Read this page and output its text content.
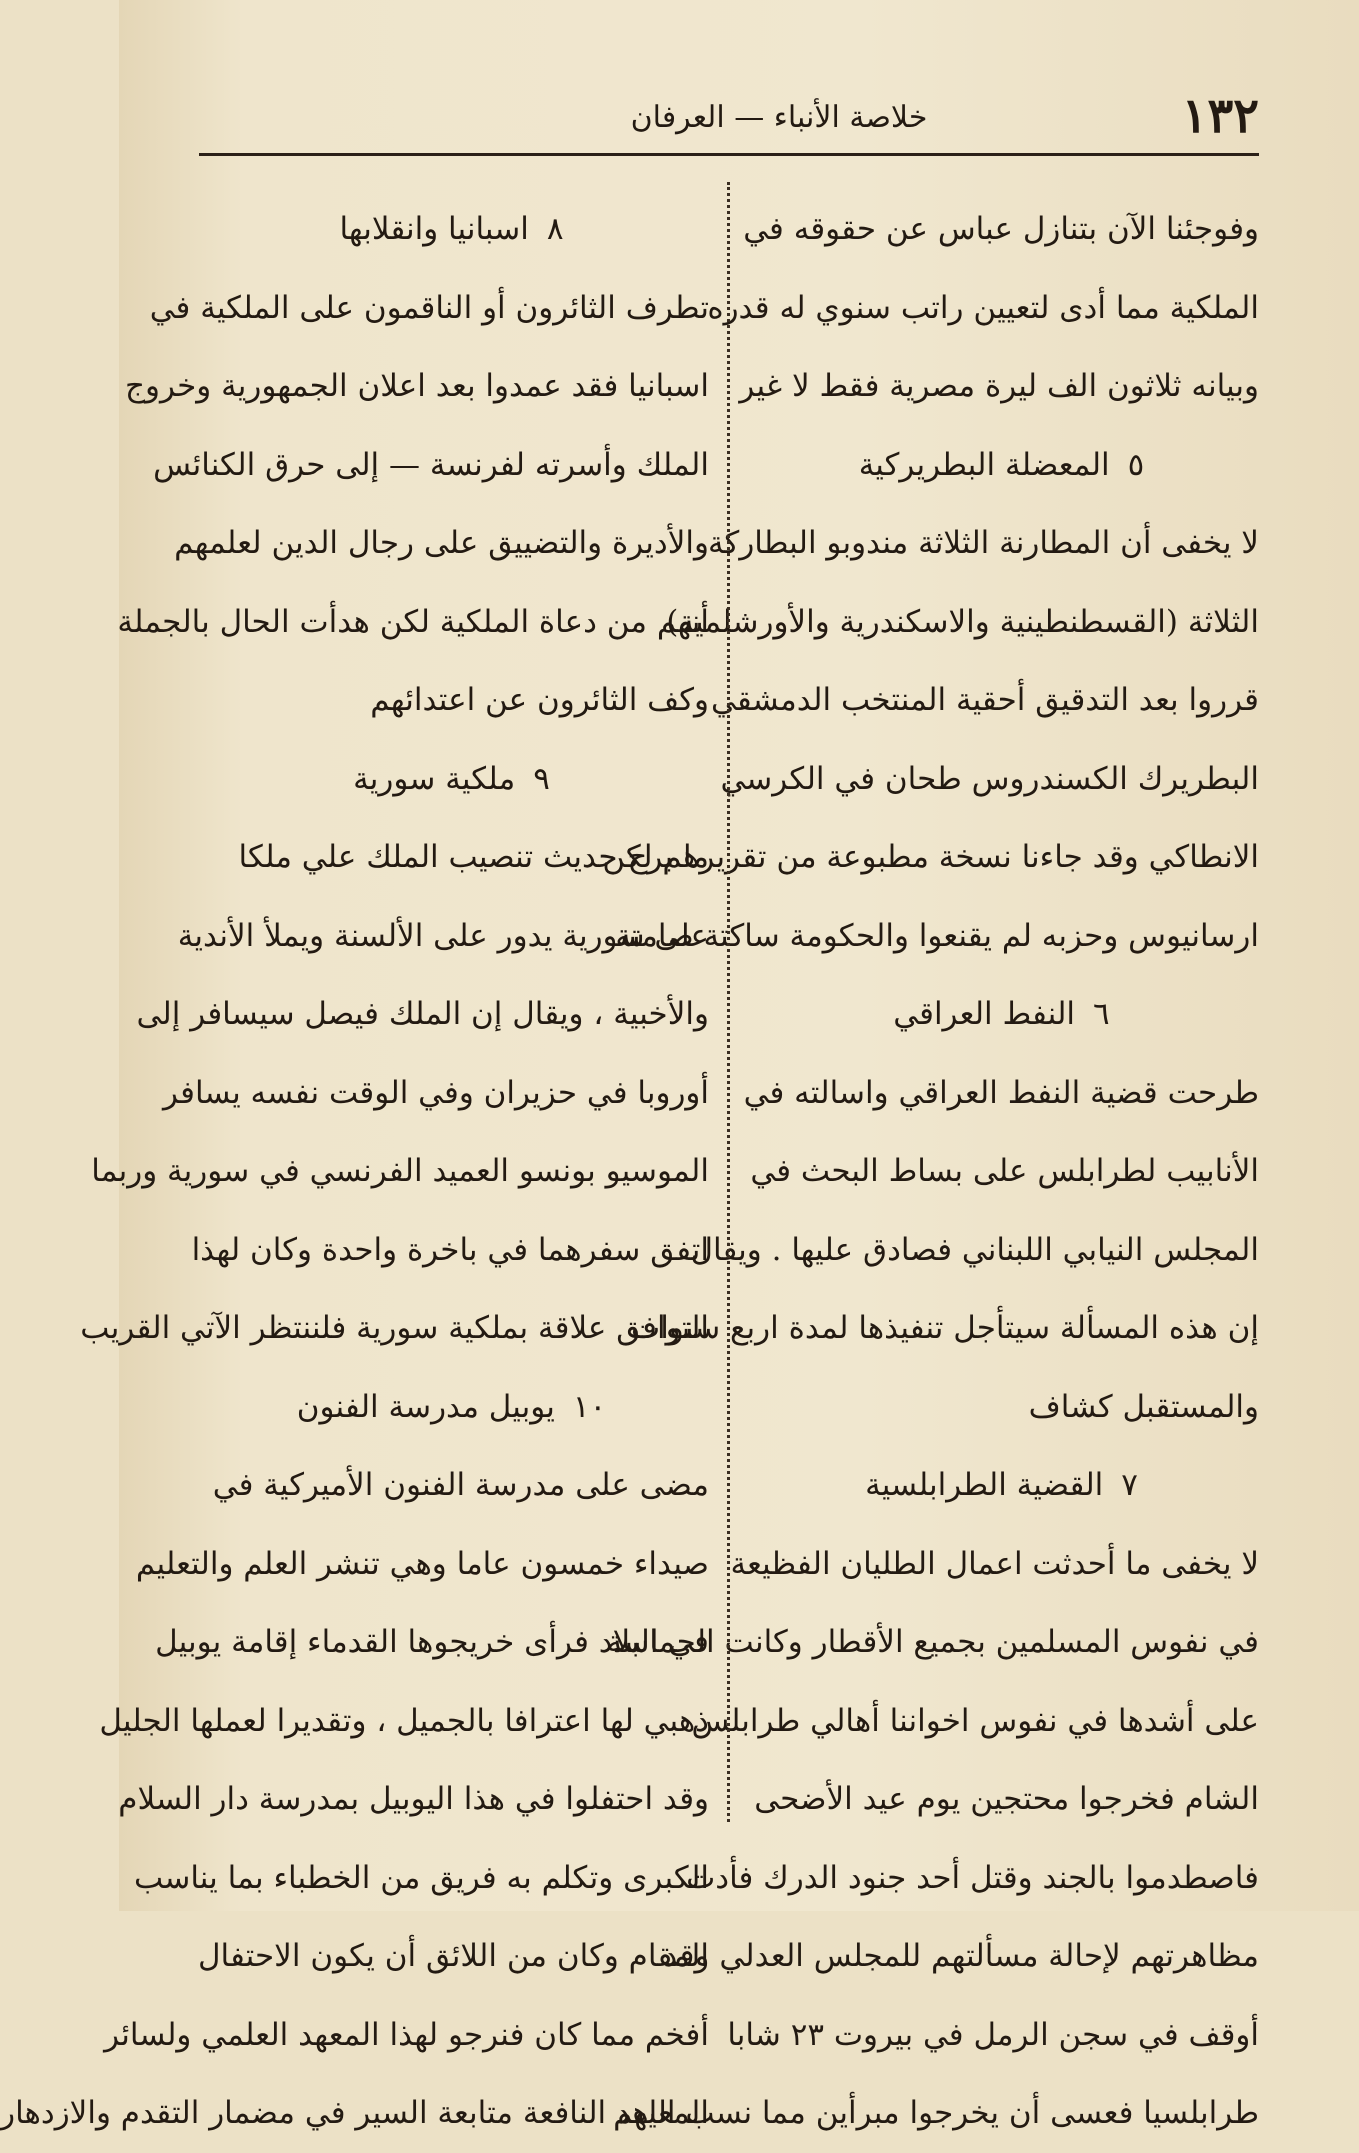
١٣٢
خلاصة الأنباء — العرفان
وفوجئنا الآن بتنازل عباس عن حقوقه في
الملكية مما أدى لتعيين راتب سنوي له قدره
وبيانه ثلاثون الف ليرة مصرية فقط لا غير
٥المعضلة البطريركية
لا يخفى أن المطارنة الثلاثة مندوبو البطاركة
الثلاثة (القسطنطينية والاسكندرية والأورشلمية)
قرروا بعد التدقيق أحقية المنتخب الدمشقي
البطريرك الكسندروس طحان في الكرسي
الانطاكي وقد جاءنا نسخة مطبوعة من تقريرهم لكن
ارسانيوس وحزبه لم يقنعوا والحكومة ساكتة صامتة
٦النفط العراقي
طرحت قضية النفط العراقي واسالته في
الأنابيب لطرابلس على بساط البحث في
المجلس النيابي اللبناني فصادق عليها . ويقال
إن هذه المسألة سيتأجل تنفيذها لمدة اربع سنوات
والمستقبل كشاف
٧القضية الطرابلسية
لا يخفى ما أحدثت اعمال الطليان الفظيعة
في نفوس المسلمين بجميع الأقطار وكانت الحماسة
على أشدها في نفوس اخواننا أهالي طرابلس
الشام فخرجوا محتجين يوم عيد الأضحى
فاصطدموا بالجند وقتل أحد جنود الدرك فأدت
مظاهرتهم لإحالة مسألتهم للمجلس العدلي وقد
أوقف في سجن الرمل في بيروت ٢٣ شابا
طرابلسيا فعسى أن يخرجوا مبرأين مما نسب اليهم
٨اسبانيا وانقلابها
تطرف الثائرون أو الناقمون على الملكية في
اسبانيا فقد عمدوا بعد اعلان الجمهورية وخروج
الملك وأسرته لفرنسة — إلى حرق الكنائس
والأديرة والتضييق على رجال الدين لعلمهم
أنهم من دعاة الملكية لكن هدأت الحال بالجملة
وكف الثائرون عن اعتدائهم
٩ملكية سورية
ما برح حديث تنصيب الملك علي ملكا
على سورية يدور على الألسنة ويملأ الأندية
والأخبية ، ويقال إن الملك فيصل سيسافر إلى
أوروبا في حزيران وفي الوقت نفسه يسافر
الموسيو بونسو العميد الفرنسي في سورية وربما
اتفق سفرهما في باخرة واحدة وكان لهذا
التوافق علاقة بملكية سورية فلننتظر الآتي القريب
١٠يوبيل مدرسة الفنون
مضى على مدرسة الفنون الأميركية في
صيداء خمسون عاما وهي تنشر العلم والتعليم
في البلاد فرأى خريجوها القدماء إقامة يوبيل
ذهبي لها اعترافا بالجميل ، وتقديرا لعملها الجليل
وقد احتفلوا في هذا اليوبيل بمدرسة دار السلام
الكبرى وتكلم به فريق من الخطباء بما يناسب
المقام وكان من اللائق أن يكون الاحتفال
أفخم مما كان فنرجو لهذا المعهد العلمي ولسائر
المعاهد النافعة متابعة السير في مضمار التقدم والازدهار
